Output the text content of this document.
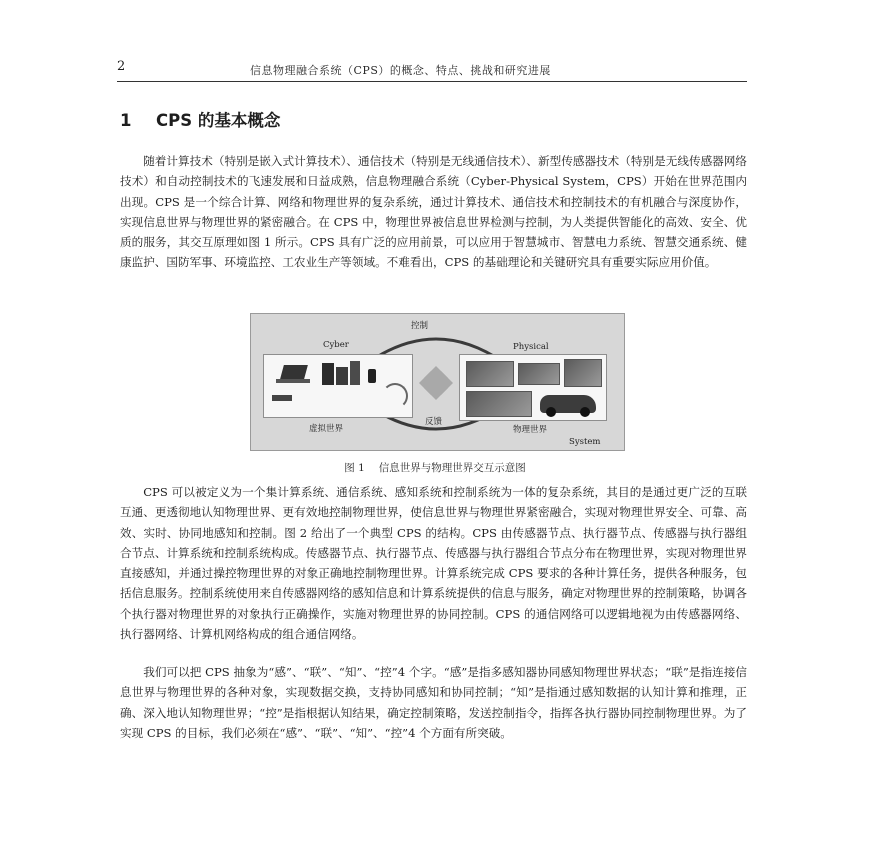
2	信息物理融合系统（CPS）的概念、特点、挑战和研究进展
1 CPS 的基本概念

随着计算技术（特别是嵌入式计算技术）、通信技术（特别是无线通信技术）、新型传感器技术（特别是无线传感器网络技术）和自动控制技术的飞速发展和日益成熟，信息物理融合系统（Cyber-Physical System，CPS）开始在世界范围内出现。CPS 是一个综合计算、网络和物理世界的复杂系统，通过计算技术、通信技术和控制技术的有机融合与深度协作，实现信息世界与物理世界的紧密融合。在 CPS 中，物理世界被信息世界检测与控制，为人类提供智能化的高效、安全、优质的服务，其交互原理如图 1 所示。CPS 具有广泛的应用前景，可以应用于智慧城市、智慧电力系统、智慧交通系统、健康监护、国防军事、环境监控、工农业生产等领域。不难看出，CPS 的基础理论和关键研究具有重要实际应用价值。

控制
Cyber	Physical
反馈
虚拟世界	物理世界
System
图 1 信息世界与物理世界交互示意图

CPS 可以被定义为一个集计算系统、通信系统、感知系统和控制系统为一体的复杂系统，其目的是通过更广泛的互联互通、更透彻地认知物理世界、更有效地控制物理世界，使信息世界与物理世界紧密融合，实现对物理世界安全、可靠、高效、实时、协同地感知和控制。图 2 给出了一个典型 CPS 的结构。CPS 由传感器节点、执行器节点、传感器与执行器组合节点、计算系统和控制系统构成。传感器节点、执行器节点、传感器与执行器组合节点分布在物理世界，实现对物理世界直接感知，并通过操控物理世界的对象正确地控制物理世界。计算系统完成 CPS 要求的各种计算任务，提供各种服务，包括信息服务。控制系统使用来自传感器网络的感知信息和计算系统提供的信息与服务，确定对物理世界的控制策略，协调各个执行器对物理世界的对象执行正确操作，实施对物理世界的协同控制。CPS 的通信网络可以逻辑地视为由传感器网络、执行器网络、计算机网络构成的组合通信网络。

我们可以把 CPS 抽象为“感”、“联”、“知”、“控”4 个字。“感”是指多感知器协同感知物理世界状态；“联”是指连接信息世界与物理世界的各种对象，实现数据交换，支持协同感知和协同控制；“知”是指通过感知数据的认知计算和推理，正确、深入地认知物理世界；“控”是指根据认知结果，确定控制策略，发送控制指令，指挥各执行器协同控制物理世界。为了实现 CPS 的目标，我们必须在“感”、“联”、“知”、“控”4 个方面有所突破。
